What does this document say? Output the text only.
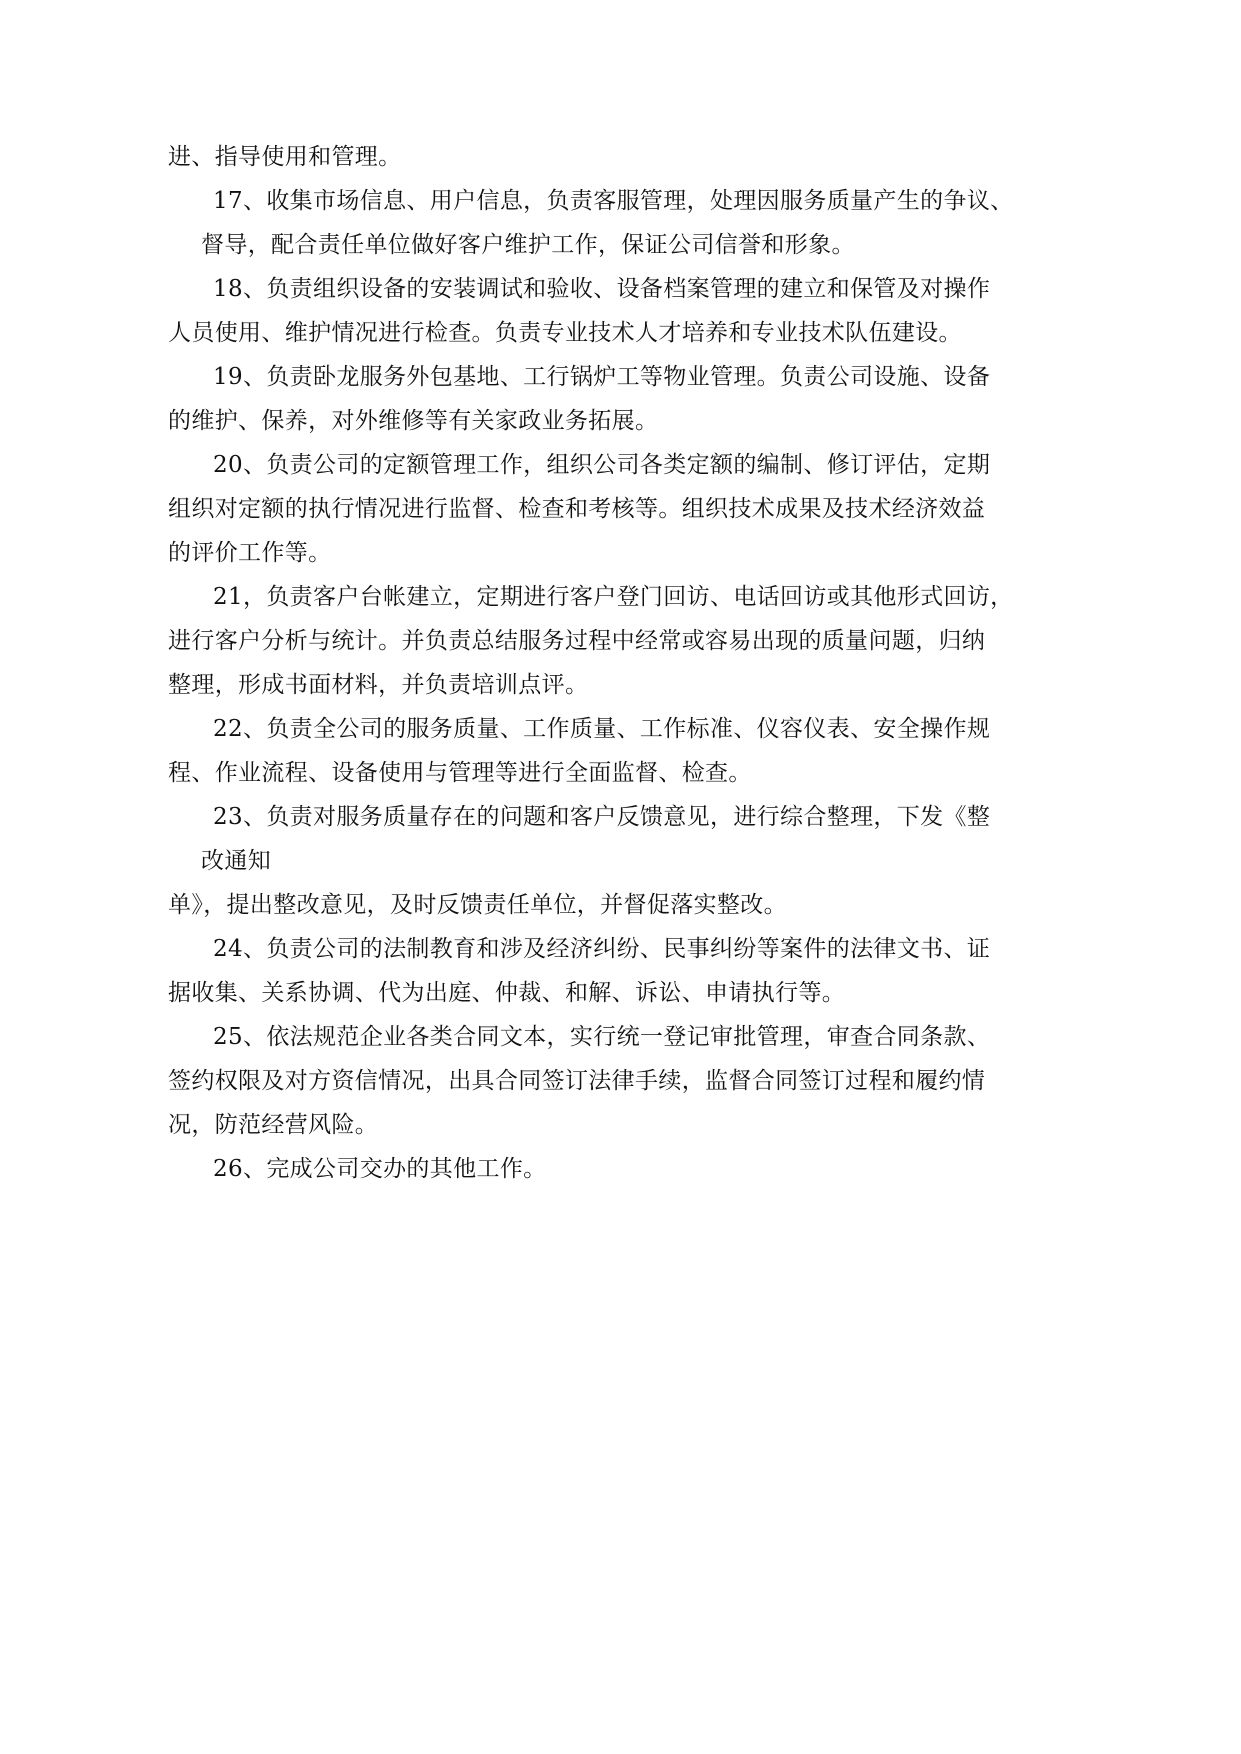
进、指导使用和管理。
17、收集市场信息、用户信息，负责客服管理，处理因服务质量产生的争议、
督导，配合责任单位做好客户维护工作，保证公司信誉和形象。
18、负责组织设备的安装调试和验收、设备档案管理的建立和保管及对操作
人员使用、维护情况进行检查。负责专业技术人才培养和专业技术队伍建设。
19、负责卧龙服务外包基地、工行锅炉工等物业管理。负责公司设施、设备
的维护、保养，对外维修等有关家政业务拓展。
20、负责公司的定额管理工作，组织公司各类定额的编制、修订评估，定期
组织对定额的执行情况进行监督、检查和考核等。组织技术成果及技术经济效益
的评价工作等。
21，负责客户台帐建立，定期进行客户登门回访、电话回访或其他形式回访，
进行客户分析与统计。并负责总结服务过程中经常或容易出现的质量问题，归纳
整理，形成书面材料，并负责培训点评。
22、负责全公司的服务质量、工作质量、工作标准、仪容仪表、安全操作规
程、作业流程、设备使用与管理等进行全面监督、检查。
23、负责对服务质量存在的问题和客户反馈意见，进行综合整理，下发《整
改通知
单》，提出整改意见，及时反馈责任单位，并督促落实整改。
24、负责公司的法制教育和涉及经济纠纷、民事纠纷等案件的法律文书、证
据收集、关系协调、代为出庭、仲裁、和解、诉讼、申请执行等。
25、依法规范企业各类合同文本，实行统一登记审批管理，审查合同条款、
签约权限及对方资信情况，出具合同签订法律手续，监督合同签订过程和履约情
况，防范经营风险。
26、完成公司交办的其他工作。
